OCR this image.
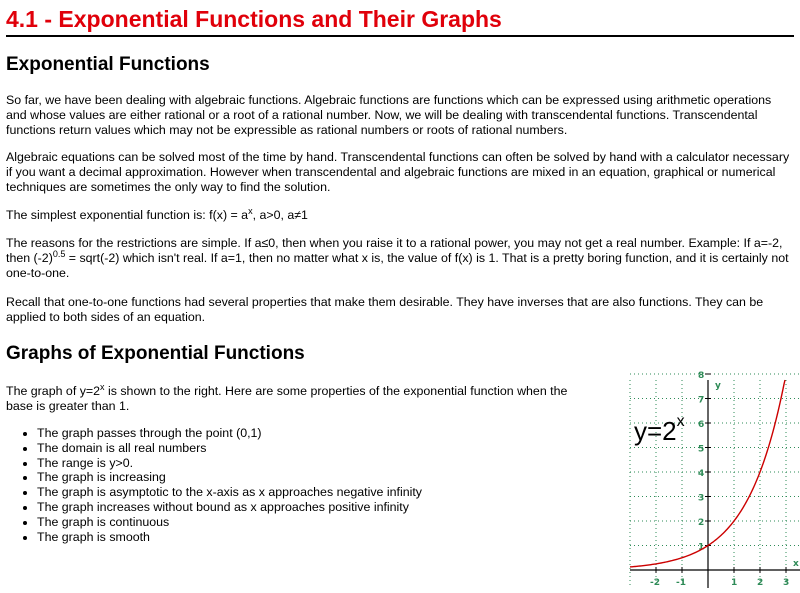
4.1 - Exponential Functions and Their Graphs
Exponential Functions

So far, we have been dealing with algebraic functions. Algebraic functions are functions which can be expressed using arithmetic operations and whose values are either rational or a root of a rational number. Now, we will be dealing with transcendental functions. Transcendental functions return values which may not be expressible as rational numbers or roots of rational numbers.

Algebraic equations can be solved most of the time by hand. Transcendental functions can often be solved by hand with a calculator necessary if you want a decimal approximation. However when transcendental and algebraic functions are mixed in an equation, graphical or numerical techniques are sometimes the only way to find the solution.

The simplest exponential function is: $f(x) = a^x$, a>0, a≠1

The reasons for the restrictions are simple. If a≤0, then when you raise it to a rational power, you may not get a real number. Example: If a=-2, then $(-2)^{0.5}$ = sqrt(-2) which isn't real. If a=1, then no matter what x is, the value of f(x) is 1. That is a pretty boring function, and it is certainly not one-to-one.

Recall that one-to-one functions had several properties that make them desirable. They have inverses that are also functions. They can be applied to both sides of an equation.

Graphs of Exponential Functions

The graph of $y=2^x$ is shown to the right. Here are some properties of the exponential function when the base is greater than 1.

• The graph passes through the point (0,1)
• The domain is all real numbers
• The range is y>0.
• The graph is increasing
• The graph is asymptotic to the x-axis as x approaches negative infinity
• The graph increases without bound as x approaches positive infinity
• The graph is continuous
• The graph is smooth
1
2
3
4
5
6
7
8
-2 -1	1 2 3
y
x
$y=2^x$
